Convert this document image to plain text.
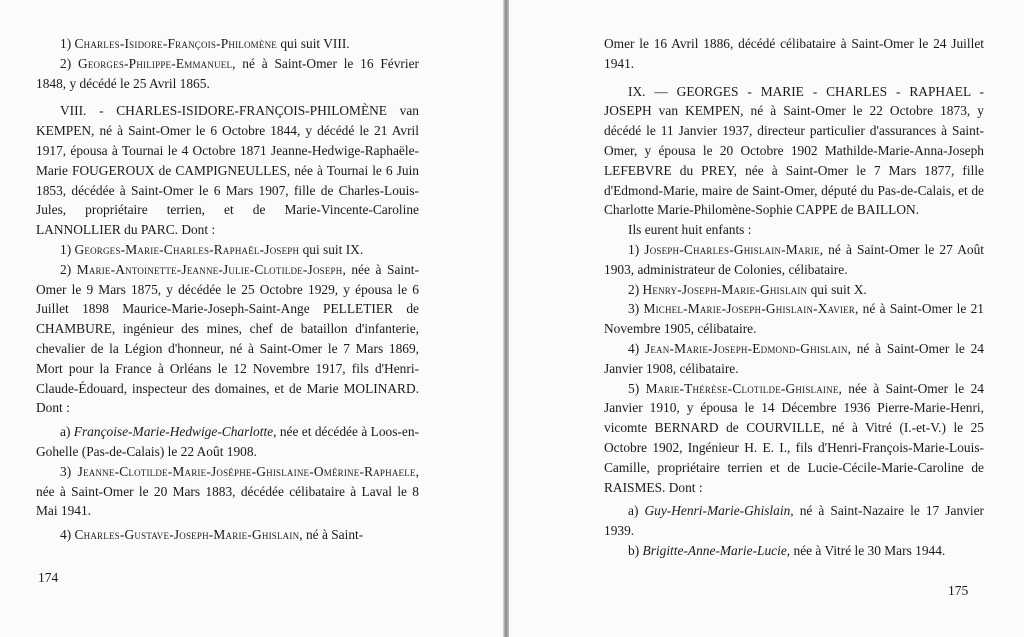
1) Charles-Isidore-François-Philomène qui suit VIII.

2) Georges-Philippe-Emmanuel, né à Saint-Omer le 16 Février 1848, y décédé le 25 Avril 1865.

VIII. - CHARLES-ISIDORE-FRANÇOIS-PHILOMÈNE van KEMPEN, né à Saint-Omer le 6 Octobre 1844, y décédé le 21 Avril 1917, épousa à Tournai le 4 Octobre 1871 Jeanne-Hedwige-Raphaële-Marie FOUGEROUX de CAMPIGNEULLES, née à Tournai le 6 Juin 1853, décédée à Saint-Omer le 6 Mars 1907, fille de Charles-Louis-Jules, propriétaire terrien, et de Marie-Vincente-Caroline LANNOLLIER du PARC. Dont :

1) Georges-Marie-Charles-Raphaël-Joseph qui suit IX.

2) Marie-Antoinette-Jeanne-Julie-Clotilde-Joseph, née à Saint-Omer le 9 Mars 1875, y décédée le 25 Octobre 1929, y épousa le 6 Juillet 1898 Maurice-Marie-Joseph-Saint-Ange PELLETIER de CHAMBURE, ingénieur des mines, chef de bataillon d'infanterie, chevalier de la Légion d'honneur, né à Saint-Omer le 7 Mars 1869, Mort pour la France à Orléans le 12 Novembre 1917, fils d'Henri-Claude-Édouard, inspecteur des domaines, et de Marie MOLINARD. Dont :

a) Françoise-Marie-Hedwige-Charlotte, née et décédée à Loos-en-Gohelle (Pas-de-Calais) le 22 Août 1908.

3) Jeanne-Clotilde-Marie-Joséphe-Ghislaine-Omérine-Raphaele, née à Saint-Omer le 20 Mars 1883, décédée célibataire à Laval le 8 Mai 1941.

4) Charles-Gustave-Joseph-Marie-Ghislain, né à Saint-

174

Omer le 16 Avril 1886, décédé célibataire à Saint-Omer le 24 Juillet 1941.

IX. — GEORGES - MARIE - CHARLES - RAPHAEL - JOSEPH van KEMPEN, né à Saint-Omer le 22 Octobre 1873, y décédé le 11 Janvier 1937, directeur particulier d'assurances à Saint-Omer, y épousa le 20 Octobre 1902 Mathilde-Marie-Anna-Joseph LEFEBVRE du PREY, née à Saint-Omer le 7 Mars 1877, fille d'Edmond-Marie, maire de Saint-Omer, député du Pas-de-Calais, et de Charlotte Marie-Philomène-Sophie CAPPE de BAILLON.

Ils eurent huit enfants :

1) Joseph-Charles-Ghislain-Marie, né à Saint-Omer le 27 Août 1903, administrateur de Colonies, célibataire.

2) Henry-Joseph-Marie-Ghislain qui suit X.

3) Michel-Marie-Joseph-Ghislain-Xavier, né à Saint-Omer le 21 Novembre 1905, célibataire.

4) Jean-Marie-Joseph-Edmond-Ghislain, né à Saint-Omer le 24 Janvier 1908, célibataire.

5) Marie-Thérèse-Clotilde-Ghislaine, née à Saint-Omer le 24 Janvier 1910, y épousa le 14 Décembre 1936 Pierre-Marie-Henri, vicomte BERNARD de COURVILLE, né à Vitré (I.-et-V.) le 25 Octobre 1902, Ingénieur H. E. I., fils d'Henri-François-Marie-Louis-Camille, propriétaire terrien et de Lucie-Cécile-Marie-Caroline de RAISMES. Dont :

a) Guy-Henri-Marie-Ghislain, né à Saint-Nazaire le 17 Janvier 1939.

b) Brigitte-Anne-Marie-Lucie, née à Vitré le 30 Mars 1944.

175
